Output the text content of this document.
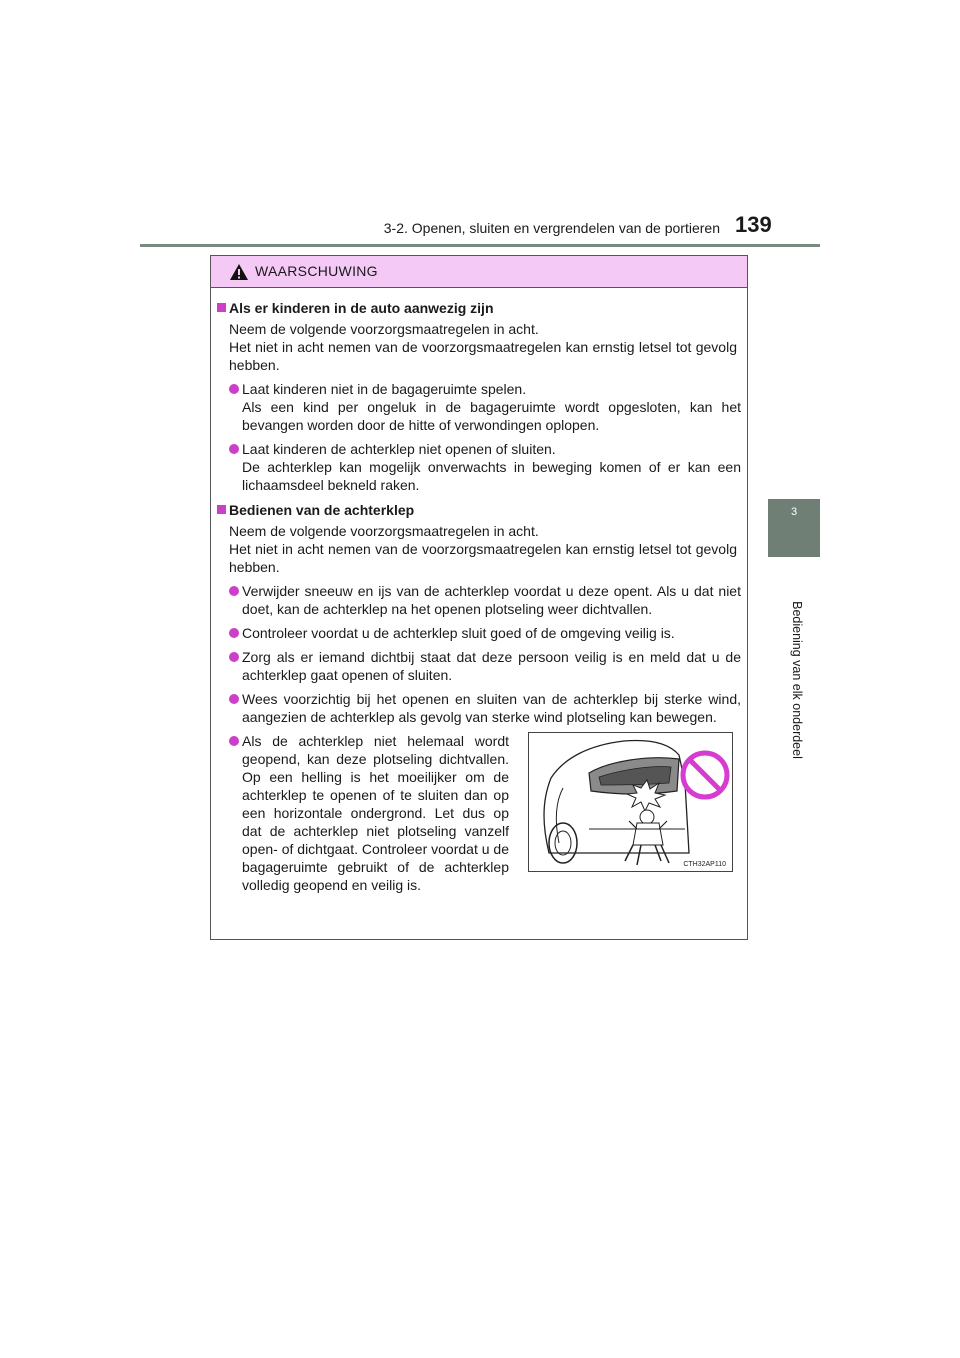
3-2. Openen, sluiten en vergrendelen van de portieren 139
3
Bediening van elk onderdeel
WAARSCHUWING
Als er kinderen in de auto aanwezig zijn
Neem de volgende voorzorgsmaatregelen in acht.
Het niet in acht nemen van de voorzorgsmaatregelen kan ernstig letsel tot gevolg hebben.
Laat kinderen niet in de bagageruimte spelen.
Als een kind per ongeluk in de bagageruimte wordt opgesloten, kan het bevangen worden door de hitte of verwondingen oplopen.
Laat kinderen de achterklep niet openen of sluiten.
De achterklep kan mogelijk onverwachts in beweging komen of er kan een lichaamsdeel bekneld raken.
Bedienen van de achterklep
Neem de volgende voorzorgsmaatregelen in acht.
Het niet in acht nemen van de voorzorgsmaatregelen kan ernstig letsel tot gevolg hebben.
Verwijder sneeuw en ijs van de achterklep voordat u deze opent. Als u dat niet doet, kan de achterklep na het openen plotseling weer dichtvallen.
Controleer voordat u de achterklep sluit goed of de omgeving veilig is.
Zorg als er iemand dichtbij staat dat deze persoon veilig is en meld dat u de achterklep gaat openen of sluiten.
Wees voorzichtig bij het openen en sluiten van de achterklep bij sterke wind, aangezien de achterklep als gevolg van sterke wind plotseling kan bewegen.
Als de achterklep niet helemaal wordt geopend, kan deze plotseling dichtvallen. Op een helling is het moeilijker om de achterklep te openen of te sluiten dan op een horizontale ondergrond. Let dus op dat de achterklep niet plotseling vanzelf open- of dichtgaat. Controleer voordat u de bagageruimte gebruikt of de achterklep volledig geopend en veilig is.
CTH32AP110
